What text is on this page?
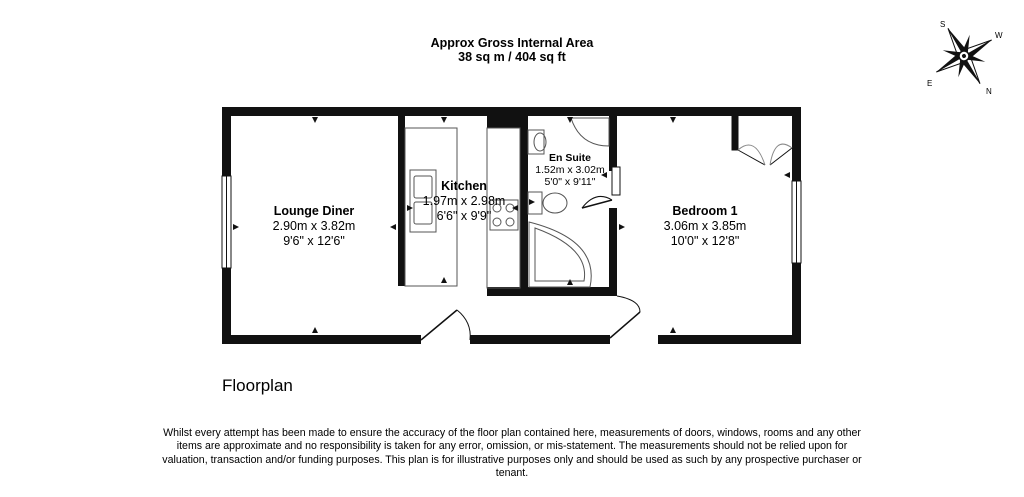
Approx Gross Internal Area
38 sq m / 404 sq ft
S
W
N
E
Lounge Diner
2.90m x 3.82m
9'6" x 12'6"
Kitchen
1.97m x 2.98m
6'6" x 9'9"
En Suite
1.52m x 3.02m
5'0" x 9'11"
Bedroom 1
3.06m x 3.85m
10'0" x 12'8"
Floorplan
Whilst every attempt has been made to ensure the accuracy of the floor plan contained here, measurements of doors, windows, rooms and any other items are approximate and no responsibility is taken for any error, omission, or mis-statement. The measurements should not be relied upon for valuation, transaction and/or funding purposes. This plan is for illustrative purposes only and should be used as such by any prospective purchaser or tenant.
